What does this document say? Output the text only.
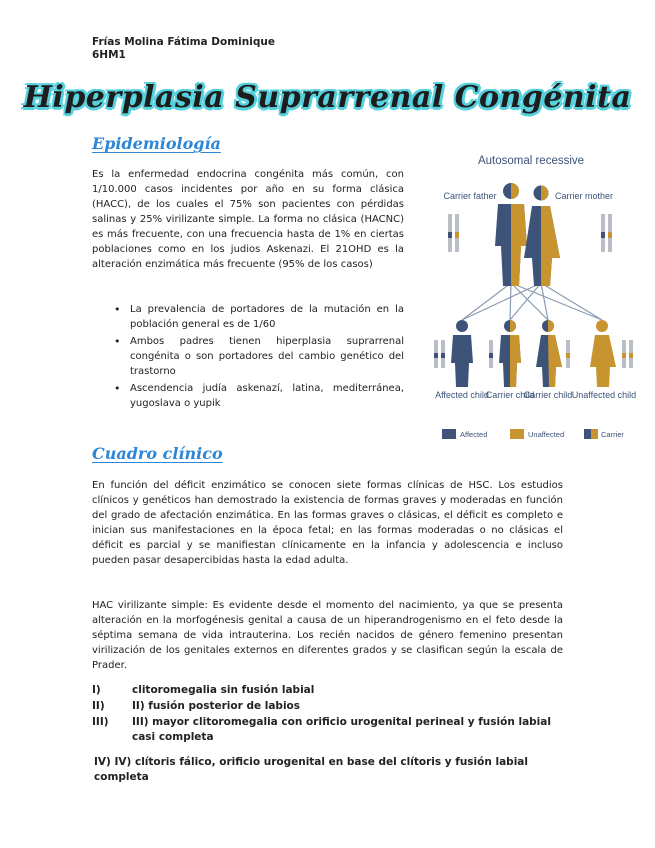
Frías Molina Fátima Dominique
6HM1
Hiperplasia Suprarrenal Congénita
Epidemiología

Es la enfermedad endocrina congénita más común, con 1/10.000 casos incidentes por año en su forma clásica (HACC), de los cuales el 75% son pacientes con pérdidas salinas y 25% virilizante simple. La forma no clásica (HACNC) es más frecuente, con una frecuencia hasta de 1% en ciertas poblaciones como en los judios Askenazi. El 21OHD es la alteración enzimática más frecuente (95% de los casos)

• La prevalencia de portadores de la mutación en la población general es de 1/60
• Ambos padres tienen hiperplasia suprarrenal congénita o son portadores del cambio genético del trastorno
• Ascendencia judía askenazí, latina, mediterránea, yugoslava o yupik
Autosomal recessive
Carrier father	Carrier mother
Affected child
Carrier child
Carrier child Unaffected child
Affected	Unaffected	Carrier
Cuadro clínico

En función del déficit enzimático se conocen siete formas clínicas de HSC. Los estudios clínicos y genéticos han demostrado la existencia de formas graves y moderadas en función del grado de afectación enzimática. En las formas graves o clásicas, el déficit es completo e inician sus manifestaciones en la época fetal; en las formas moderadas o no clásicas el déficit es parcial y se manifiestan clínicamente en la infancia y adolescencia e incluso pueden pasar desapercibidas hasta la edad adulta.

HAC virilizante simple: Es evidente desde el momento del nacimiento, ya que se presenta alteración en la morfogénesis genital a causa de un hiperandrogenismo en el feto desde la séptima semana de vida intrauterina. Los recién nacidos de género femenino presentan virilización de los genitales externos en diferentes grados y se clasifican según la escala de Prader.

I)	clitoromegalia sin fusión labial
II)	II) fusión posterior de labios
III) III) mayor clitoromegalia con orificio urogenital perineal y fusión labial casi completa
IV) IV) clítoris fálico, orificio urogenital en base del clítoris y fusión labial completa
